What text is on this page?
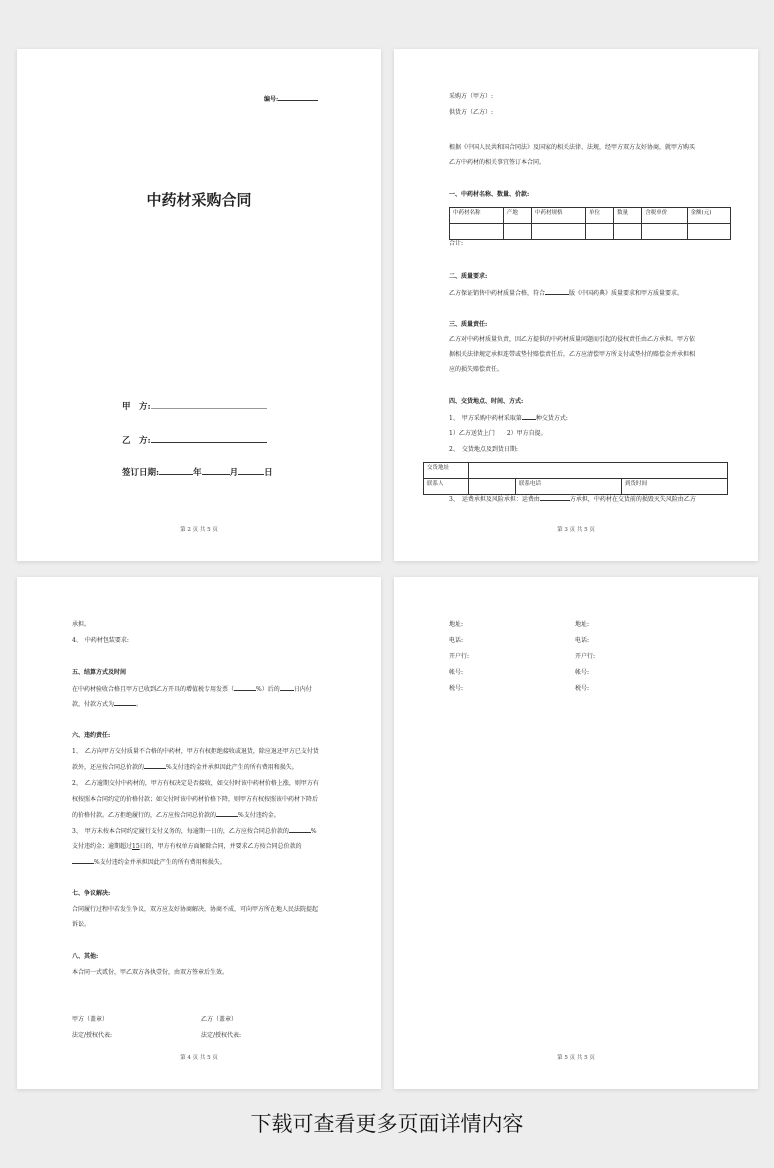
编号:
中药材采购合同
甲　方:
乙　方:
签订日期:	年	月	日
第 2 页 共 5 页
采购方（甲方）:
供货方（乙方）:
根据《中国人民共和国合同法》及国家的相关法律、法规，经甲方双方友好协商，就甲方购买
乙方中药材的相关事宜签订本合同。
一、中药材名称、数量、价款:
中药材名称	产地	中药材规格	单位	数量	含税单价	金额(元)

合计:
二、质量要求:
乙方保证销售中药材质量合格，符合	版《中国药典》质量要求和甲方质量要求。
三、质量责任:
乙方对中药材质量负责，因乙方提供的中药材质量问题而引起的侵权责任由乙方承担。甲方依
据相关法律规定承担连带或垫付赔偿责任后，乙方应清偿甲方所支付或垫付的赔偿金并承担相
应的损失赔偿责任。
四、交货地点、时间、方式:
1、　甲方采购中药材采取第 种交货方式:
1）乙方送货上门　　2）甲方自提。
2、　交货地点及到货日期:
交货地址			
联系人		联系电话	到货时间
3、　运费承担及风险承担：运费由	方承担，中药材在交货前的损毁灭失风险由乙方
第 3 页 共 5 页
承担。
4、　中药材包装要求:
五、结算方式及时间
在中药材验收合格且甲方已收到乙方开具的增值税专用发票（	%）后的 日内付
款，付款方式为	。
六、违约责任:
1、　乙方向甲方交付质量不合格的中药材，甲方有权拒绝接收或退货，除应退还甲方已支付货
款外，还应按合同总价款的	%支付违约金并承担因此产生的所有费用和损失。
2、　乙方逾期交付中药材的，甲方有权决定是否接收，如交付时该中药材价格上涨，则甲方有
权按照本合同约定的价格付款；如交付时该中药材价格下降，则甲方有权按照该中药材下降后
的价格付款。乙方拒绝履行的，乙方应按合同总价款的	%支付违约金。
3、　甲方未按本合同约定履行支付义务的，每逾期一日的，乙方应按合同总价款的	%
支付违约金；逾期超过15日的，甲方有权单方面解除合同，并要求乙方按合同总价款的
%支付违约金并承担因此产生的所有费用和损失。
七、争议解决:
合同履行过程中若发生争议，双方应友好协商解决，协商不成，可向甲方所在地人民法院提起
诉讼。
八、其他:
本合同一式贰份，甲乙双方各执壹份，由双方签章后生效。
甲方（盖章）	乙方（盖章）
法定/授权代表:	法定/授权代表:
第 4 页 共 5 页
地址:	地址:
电话:	电话:
开户行:	开户行:
帐号:	帐号:
税号:	税号:
第 5 页 共 5 页
下载可查看更多页面详情内容
